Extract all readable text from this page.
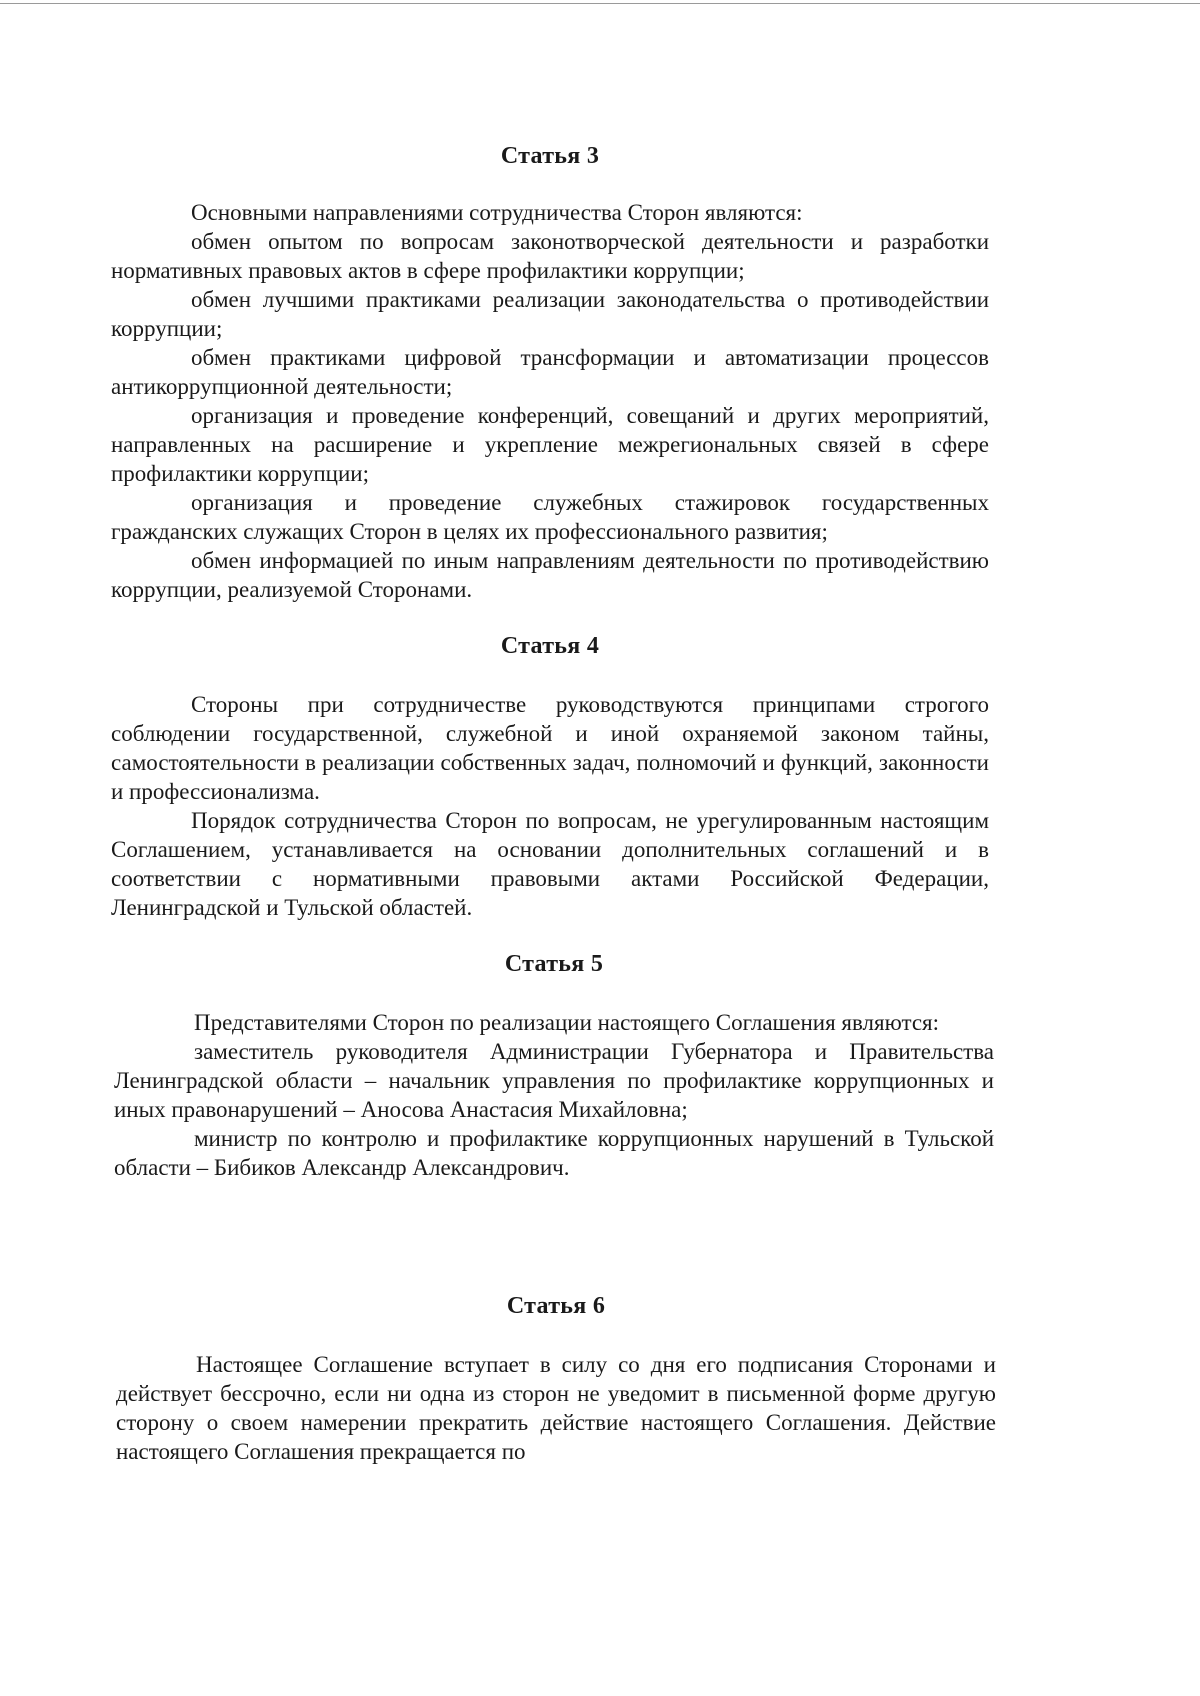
Статья 3

Основными направлениями сотрудничества Сторон являются:

обмен опытом по вопросам законотворческой деятельности и разработки нормативных правовых актов в сфере профилактики коррупции;

обмен лучшими практиками реализации законодательства о противодействии коррупции;

обмен практиками цифровой трансформации и автоматизации процессов антикоррупционной деятельности;

организация и проведение конференций, совещаний и других мероприятий, направленных на расширение и укрепление межрегиональных связей в сфере профилактики коррупции;

организация и проведение служебных стажировок государственных гражданских служащих Сторон в целях их профессионального развития;

обмен информацией по иным направлениям деятельности по противодействию коррупции, реализуемой Сторонами.

Статья 4

Стороны при сотрудничестве руководствуются принципами строгого соблюдении государственной, служебной и иной охраняемой законом тайны, самостоятельности в реализации собственных задач, полномочий и функций, законности и профессионализма.

Порядок сотрудничества Сторон по вопросам, не урегулированным настоящим Соглашением, устанавливается на основании дополнительных соглашений и в соответствии с нормативными правовыми актами Российской Федерации, Ленинградской и Тульской областей.

Статья 5

Представителями Сторон по реализации настоящего Соглашения являются:

заместитель руководителя Администрации Губернатора и Правительства Ленинградской области – начальник управления по профилактике коррупционных и иных правонарушений – Аносова Анастасия Михайловна;

министр по контролю и профилактике коррупционных нарушений в Тульской области – Бибиков Александр Александрович.

Статья 6

Настоящее Соглашение вступает в силу со дня его подписания Сторонами и действует бессрочно, если ни одна из сторон не уведомит в письменной форме другую сторону о своем намерении прекратить действие настоящего Соглашения. Действие настоящего Соглашения прекращается по
